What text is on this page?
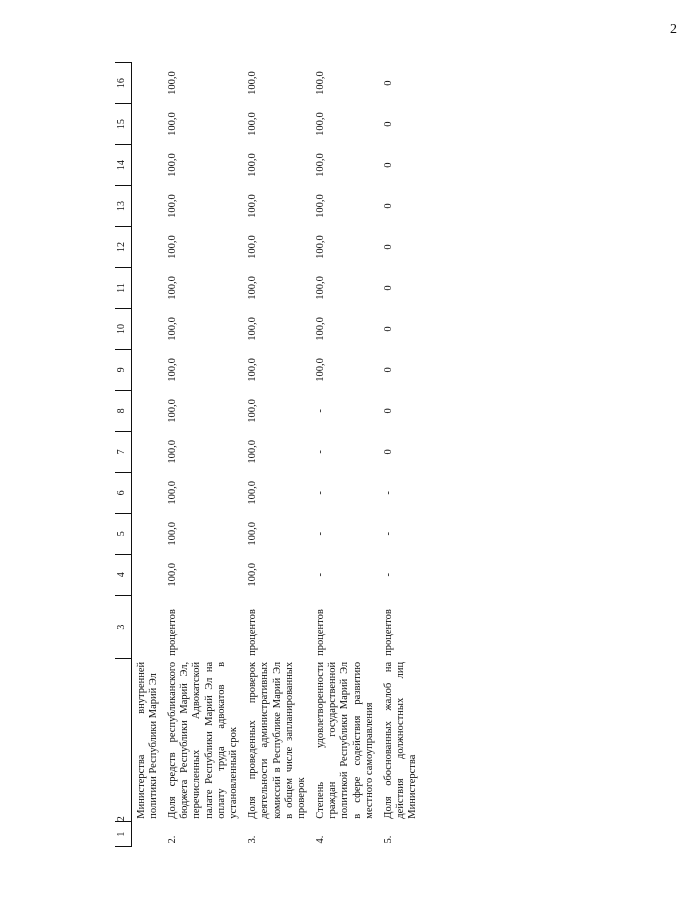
2
1	2	3	4	5	6	7	8	9	10	11	12	13	14	15	16
	Министерства внутренней политики Республики Марий Эл														
2.	Доля средств республиканского бюджета Республики Марий Эл, перечисленных Адвокатской палате Республики Марий Эл на оплату труда адвокатов в установленный срок	процентов	100,0	100,0	100,0	100,0	100,0	100,0	100,0	100,0	100,0	100,0	100,0	100,0	100,0
3.	Доля проведенных проверок деятельности административных комиссий в Республике Марий Эл в общем числе запланированных проверок	процентов	100,0	100,0	100,0	100,0	100,0	100,0	100,0	100,0	100,0	100,0	100,0	100,0	100,0
4.	Степень удовлетворенности граждан государственной политикой Республики Марий Эл в сфере содействия развитию местного самоуправления	процентов	-	-	-	-	-	100,0	100,0	100,0	100,0	100,0	100,0	100,0	100,0
5.	Доля обоснованных жалоб на действия должностных лиц Министерства	процентов	-	-	-	0	0	0	0	0	0	0	0	0	0
